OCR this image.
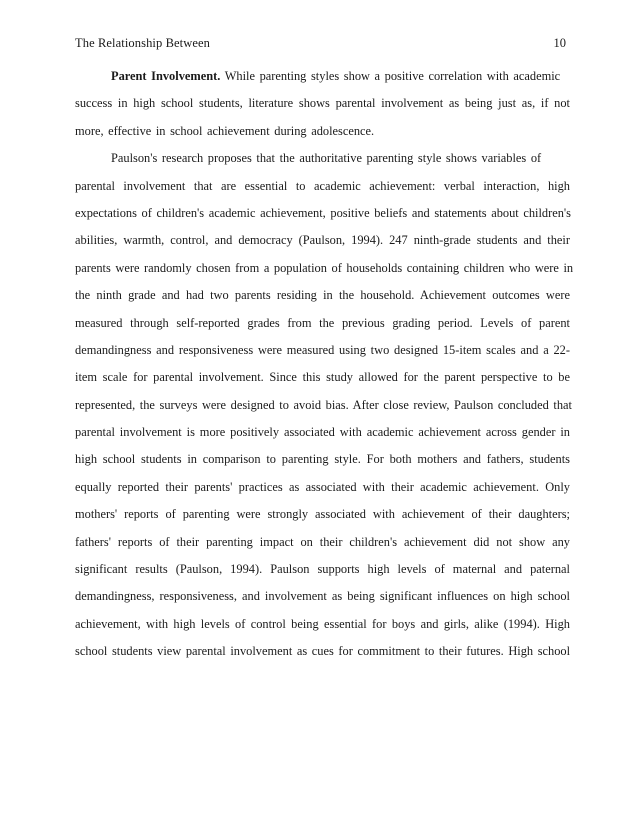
The Relationship Between	10
Parent Involvement. While parenting styles show a positive correlation with academic
success in high school students, literature shows parental involvement as being just as, if not
more, effective in school achievement during adolescence.
Paulson's research proposes that the authoritative parenting style shows variables of
parental involvement that are essential to academic achievement: verbal interaction, high
expectations of children's academic achievement, positive beliefs and statements about children's
abilities, warmth, control, and democracy (Paulson, 1994). 247 ninth-grade students and their
parents were randomly chosen from a population of households containing children who were in
the ninth grade and had two parents residing in the household. Achievement outcomes were
measured through self-reported grades from the previous grading period. Levels of parent
demandingness and responsiveness were measured using two designed 15-item scales and a 22-
item scale for parental involvement. Since this study allowed for the parent perspective to be
represented, the surveys were designed to avoid bias. After close review, Paulson concluded that
parental involvement is more positively associated with academic achievement across gender in
high school students in comparison to parenting style. For both mothers and fathers, students
equally reported their parents' practices as associated with their academic achievement. Only
mothers' reports of parenting were strongly associated with achievement of their daughters;
fathers' reports of their parenting impact on their children's achievement did not show any
significant results (Paulson, 1994). Paulson supports high levels of maternal and paternal
demandingness, responsiveness, and involvement as being significant influences on high school
achievement, with high levels of control being essential for boys and girls, alike (1994). High
school students view parental involvement as cues for commitment to their futures. High school
